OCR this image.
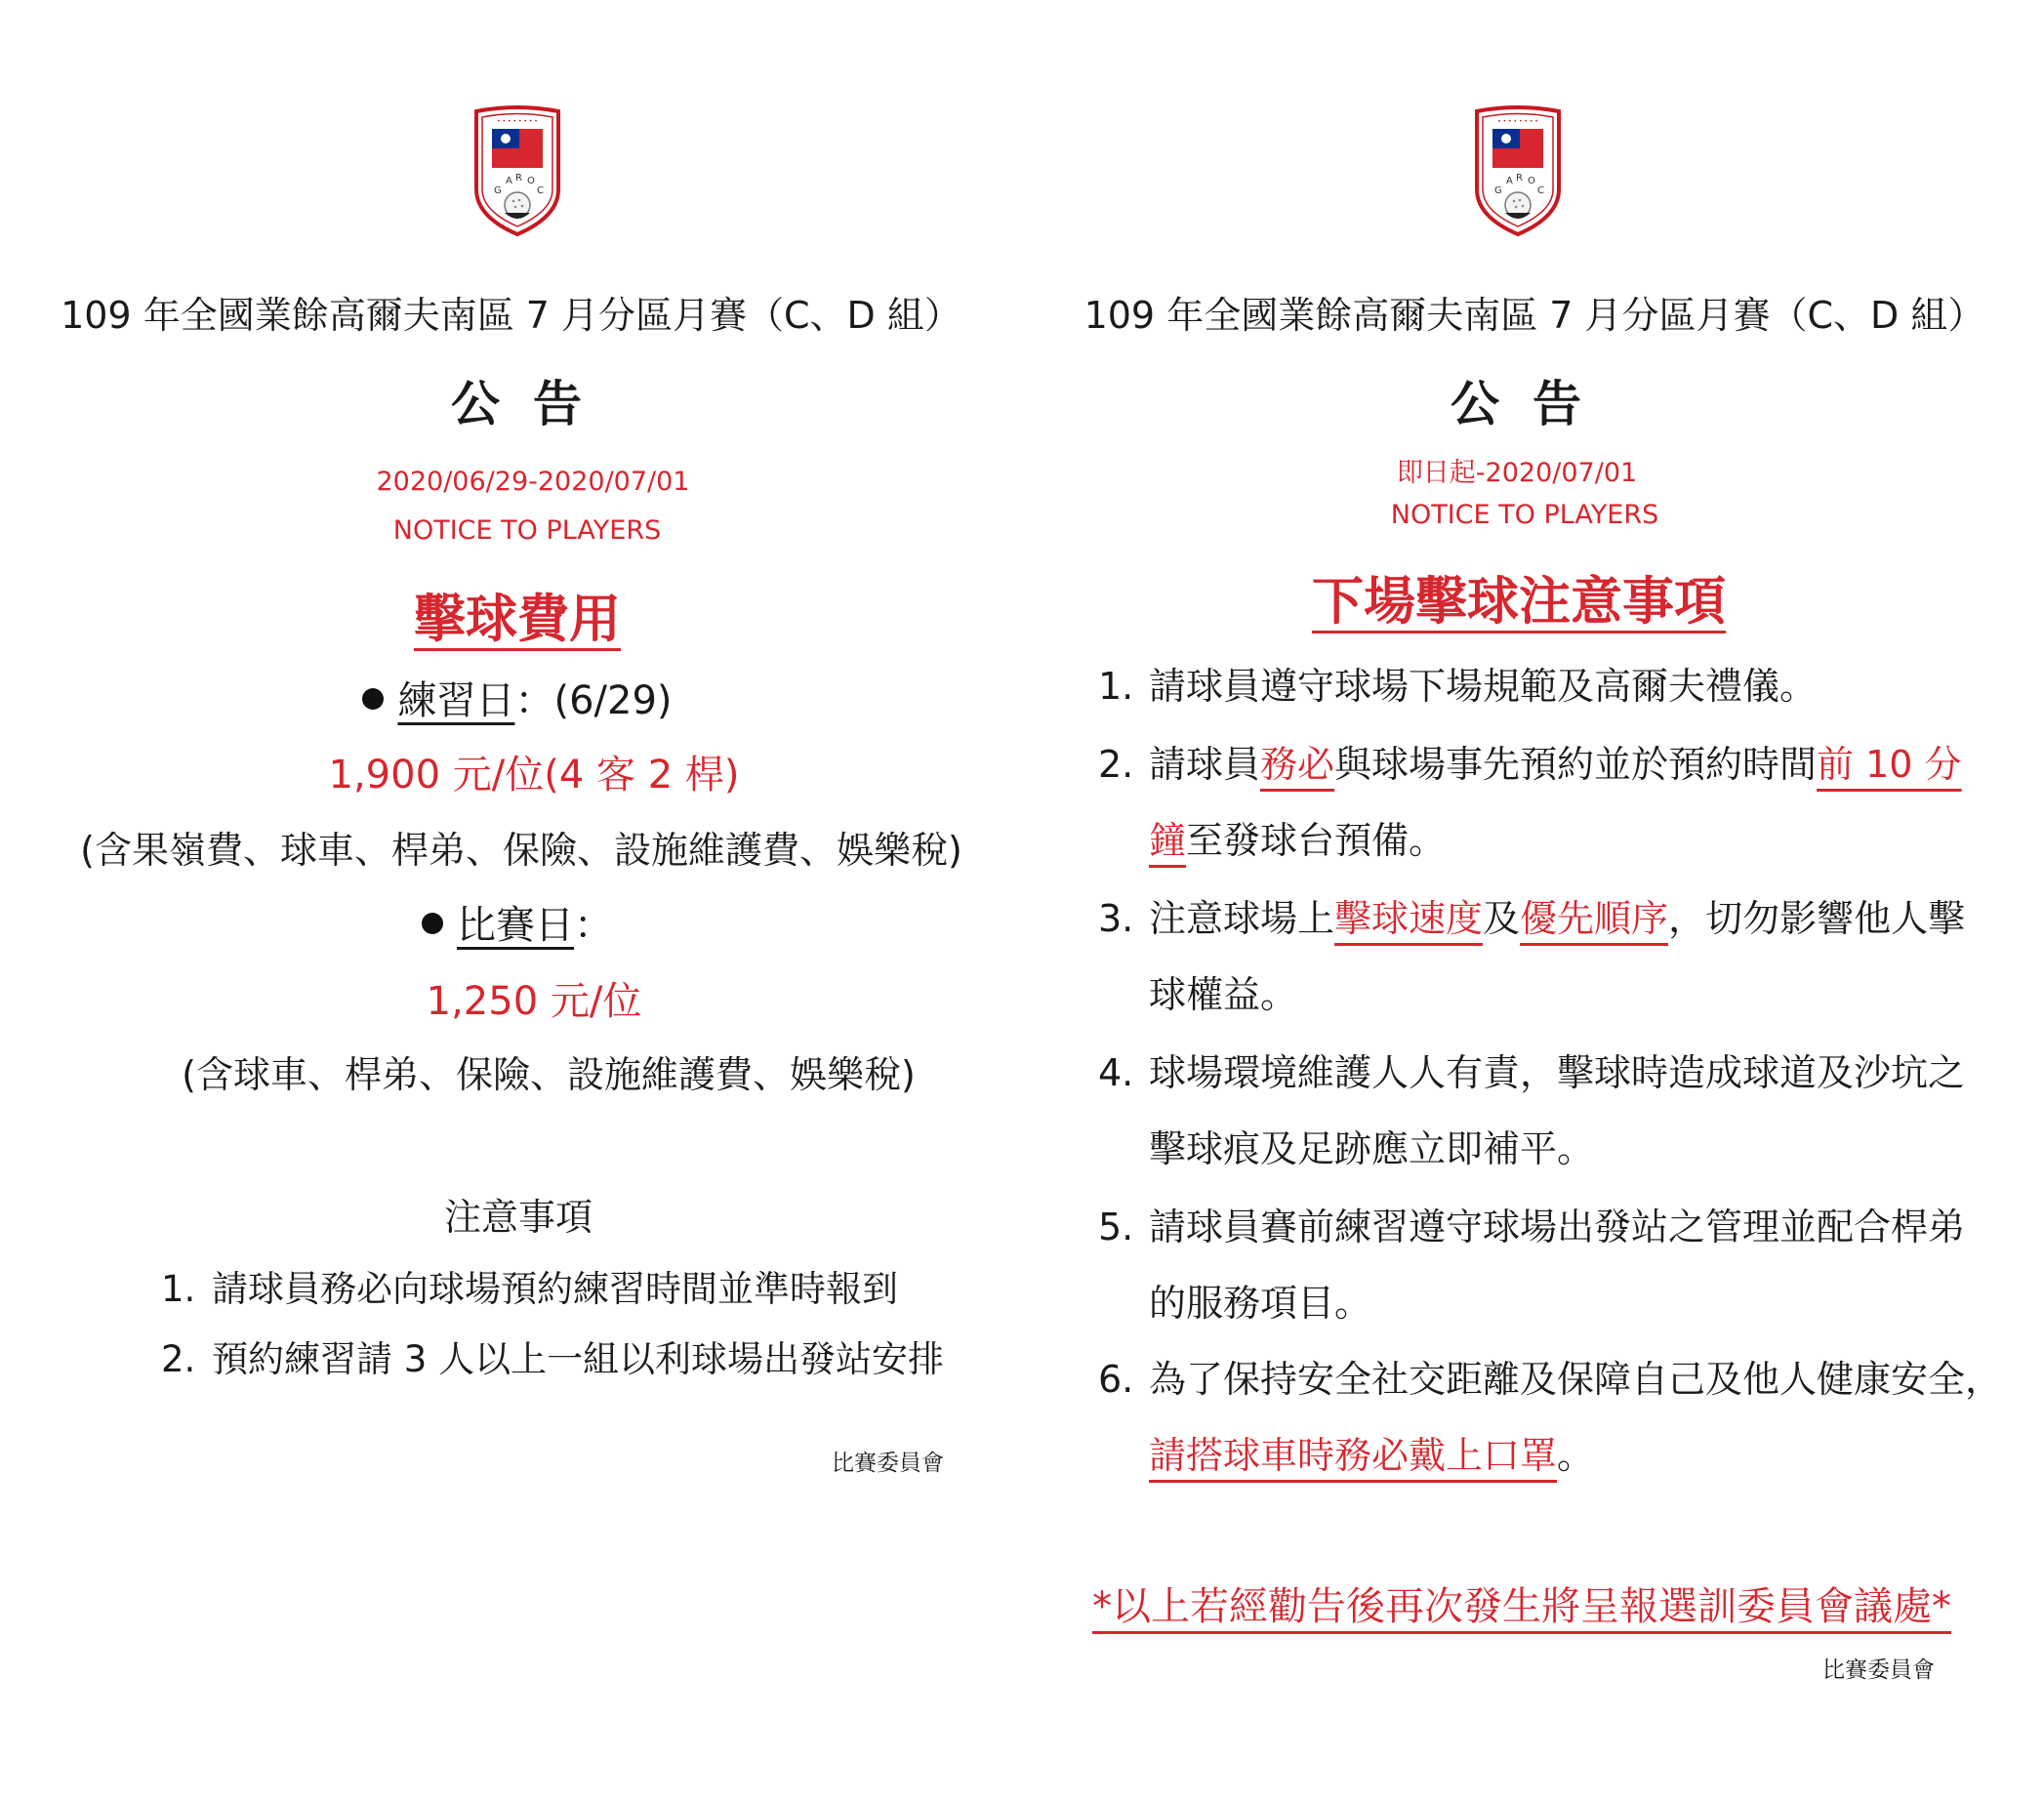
• • • • • • • •
G
A R O
C
109 年全國業餘高爾夫南區 7 月分區月賽（C、D 組）
公告
2020/06/29-2020/07/01
NOTICE TO PLAYERS
擊球費用
練習日：(6/29)
1,900 元/位(4 客 2 桿)
(含果嶺費、球車、桿弟、保險、設施維護費、娛樂稅)
比賽日：
1,250 元/位
(含球車、桿弟、保險、設施維護費、娛樂稅)
注意事項
1. 請球員務必向球場預約練習時間並準時報到
2. 預約練習請 3 人以上一組以利球場出發站安排
比賽委員會
• • • • • • • •
G
A R O
C
109 年全國業餘高爾夫南區 7 月分區月賽（C、D 組）
公告
即日起-2020/07/01
NOTICE TO PLAYERS
下場擊球注意事項
1. 請球員遵守球場下場規範及高爾夫禮儀。
2. 請球員務必與球場事先預約並於預約時間前 10 分
鐘至發球台預備。
3. 注意球場上擊球速度及優先順序，切勿影響他人擊
球權益。
4. 球場環境維護人人有責，擊球時造成球道及沙坑之
擊球痕及足跡應立即補平。
5. 請球員賽前練習遵守球場出發站之管理並配合桿弟
的服務項目。
6. 為了保持安全社交距離及保障自己及他人健康安全，
請搭球車時務必戴上口罩。
*以上若經勸告後再次發生將呈報選訓委員會議處*
比賽委員會
